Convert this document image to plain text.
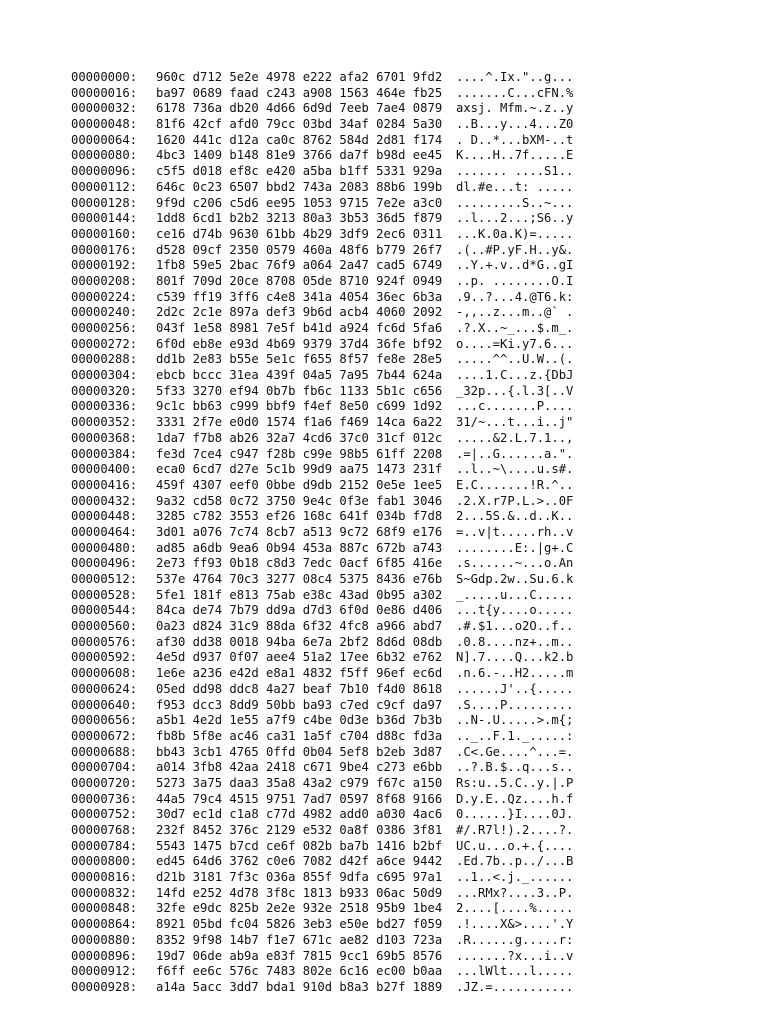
00000000: 960c d712 5e2e 4978 e222 afa2 6701 9fd2 ....^.Ix."..g...
00000016: ba97 0689 faad c243 a908 1563 464e fb25 .......C...cFN.%
00000032: 6178 736a db20 4d66 6d9d 7eeb 7ae4 0879 axsj. Mfm.~.z..y
00000048: 81f6 42cf afd0 79cc 03bd 34af 0284 5a30 ..B...y...4...Z0
00000064: 1620 441c d12a ca0c 8762 584d 2d81 f174 . D..*...bXM-..t
00000080: 4bc3 1409 b148 81e9 3766 da7f b98d ee45 K....H..7f.....E
00000096: c5f5 d018 ef8c e420 a5ba b1ff 5331 929a ....... ....S1..
00000112: 646c 0c23 6507 bbd2 743a 2083 88b6 199b dl.#e...t: .....
00000128: 9f9d c206 c5d6 ee95 1053 9715 7e2e a3c0 .........S..~...
00000144: 1dd8 6cd1 b2b2 3213 80a3 3b53 36d5 f879 ..l...2...;S6..y
00000160: ce16 d74b 9630 61bb 4b29 3df9 2ec6 0311 ...K.0a.K)=.....
00000176: d528 09cf 2350 0579 460a 48f6 b779 26f7 .(..#P.yF.H..y&.
00000192: 1fb8 59e5 2bac 76f9 a064 2a47 cad5 6749 ..Y.+.v..d*G..gI
00000208: 801f 709d 20ce 8708 05de 8710 924f 0949 ..p. ........O.I
00000224: c539 ff19 3ff6 c4e8 341a 4054 36ec 6b3a .9..?...4.@T6.k:
00000240: 2d2c 2c1e 897a def3 9b6d acb4 4060 2092 -,,..z...m..@` .
00000256: 043f 1e58 8981 7e5f b41d a924 fc6d 5fa6 .?.X..~_...$.m_.
00000272: 6f0d eb8e e93d 4b69 9379 37d4 36fe bf92 o....=Ki.y7.6...
00000288: dd1b 2e83 b55e 5e1c f655 8f57 fe8e 28e5 .....^^..U.W..(.
00000304: ebcb bccc 31ea 439f 04a5 7a95 7b44 624a ....1.C...z.{DbJ
00000320: 5f33 3270 ef94 0b7b fb6c 1133 5b1c c656 _32p...{.l.3[..V
00000336: 9c1c bb63 c999 bbf9 f4ef 8e50 c699 1d92 ...c.......P....
00000352: 3331 2f7e e0d0 1574 f1a6 f469 14ca 6a22 31/~...t...i..j"
00000368: 1da7 f7b8 ab26 32a7 4cd6 37c0 31cf 012c .....&2.L.7.1..,
00000384: fe3d 7ce4 c947 f28b c99e 98b5 61ff 2208 .=|..G......a.".
00000400: eca0 6cd7 d27e 5c1b 99d9 aa75 1473 231f ..l..~\....u.s#.
00000416: 459f 4307 eef0 0bbe d9db 2152 0e5e 1ee5 E.C.......!R.^..
00000432: 9a32 cd58 0c72 3750 9e4c 0f3e fab1 3046 .2.X.r7P.L.>..0F
00000448: 3285 c782 3553 ef26 168c 641f 034b f7d8 2...5S.&..d..K..
00000464: 3d01 a076 7c74 8cb7 a513 9c72 68f9 e176 =..v|t.....rh..v
00000480: ad85 a6db 9ea6 0b94 453a 887c 672b a743 ........E:.|g+.C
00000496: 2e73 ff93 0b18 c8d3 7edc 0acf 6f85 416e .s......~...o.An
00000512: 537e 4764 70c3 3277 08c4 5375 8436 e76b S~Gdp.2w..Su.6.k
00000528: 5fe1 181f e813 75ab e38c 43ad 0b95 a302 _.....u...C.....
00000544: 84ca de74 7b79 dd9a d7d3 6f0d 0e86 d406 ...t{y....o.....
00000560: 0a23 d824 31c9 88da 6f32 4fc8 a966 abd7 .#.$1...o2O..f..
00000576: af30 dd38 0018 94ba 6e7a 2bf2 8d6d 08db .0.8....nz+..m..
00000592: 4e5d d937 0f07 aee4 51a2 17ee 6b32 e762 N].7....Q...k2.b
00000608: 1e6e a236 e42d e8a1 4832 f5ff 96ef ec6d .n.6.-..H2.....m
00000624: 05ed dd98 ddc8 4a27 beaf 7b10 f4d0 8618 ......J'..{.....
00000640: f953 dcc3 8dd9 50bb ba93 c7ed c9cf da97 .S....P.........
00000656: a5b1 4e2d 1e55 a7f9 c4be 0d3e b36d 7b3b ..N-.U.....>.m{;
00000672: fb8b 5f8e ac46 ca31 1a5f c704 d88c fd3a .._..F.1._.....:
00000688: bb43 3cb1 4765 0ffd 0b04 5ef8 b2eb 3d87 .C<.Ge....^...=.
00000704: a014 3fb8 42aa 2418 c671 9be4 c273 e6bb ..?.B.$..q...s..
00000720: 5273 3a75 daa3 35a8 43a2 c979 f67c a150 Rs:u..5.C..y.|.P
00000736: 44a5 79c4 4515 9751 7ad7 0597 8f68 9166 D.y.E..Qz....h.f
00000752: 30d7 ec1d c1a8 c77d 4982 add0 a030 4ac6 0......}I....0J.
00000768: 232f 8452 376c 2129 e532 0a8f 0386 3f81 #/.R7l!).2....?.
00000784: 5543 1475 b7cd ce6f 082b ba7b 1416 b2bf UC.u...o.+.{....
00000800: ed45 64d6 3762 c0e6 7082 d42f a6ce 9442 .Ed.7b..p../...B
00000816: d21b 3181 7f3c 036a 855f 9dfa c695 97a1 ..1..<.j._......
00000832: 14fd e252 4d78 3f8c 1813 b933 06ac 50d9 ...RMx?....3..P.
00000848: 32fe e9dc 825b 2e2e 932e 2518 95b9 1be4 2....[....%.....
00000864: 8921 05bd fc04 5826 3eb3 e50e bd27 f059 .!....X&>....'.Y
00000880: 8352 9f98 14b7 f1e7 671c ae82 d103 723a .R......g.....r:
00000896: 19d7 06de ab9a e83f 7815 9cc1 69b5 8576 .......?x...i..v
00000912: f6ff ee6c 576c 7483 802e 6c16 ec00 b0aa ...lWlt...l.....
00000928: a14a 5acc 3dd7 bda1 910d b8a3 b27f 1889 .JZ.=...........
